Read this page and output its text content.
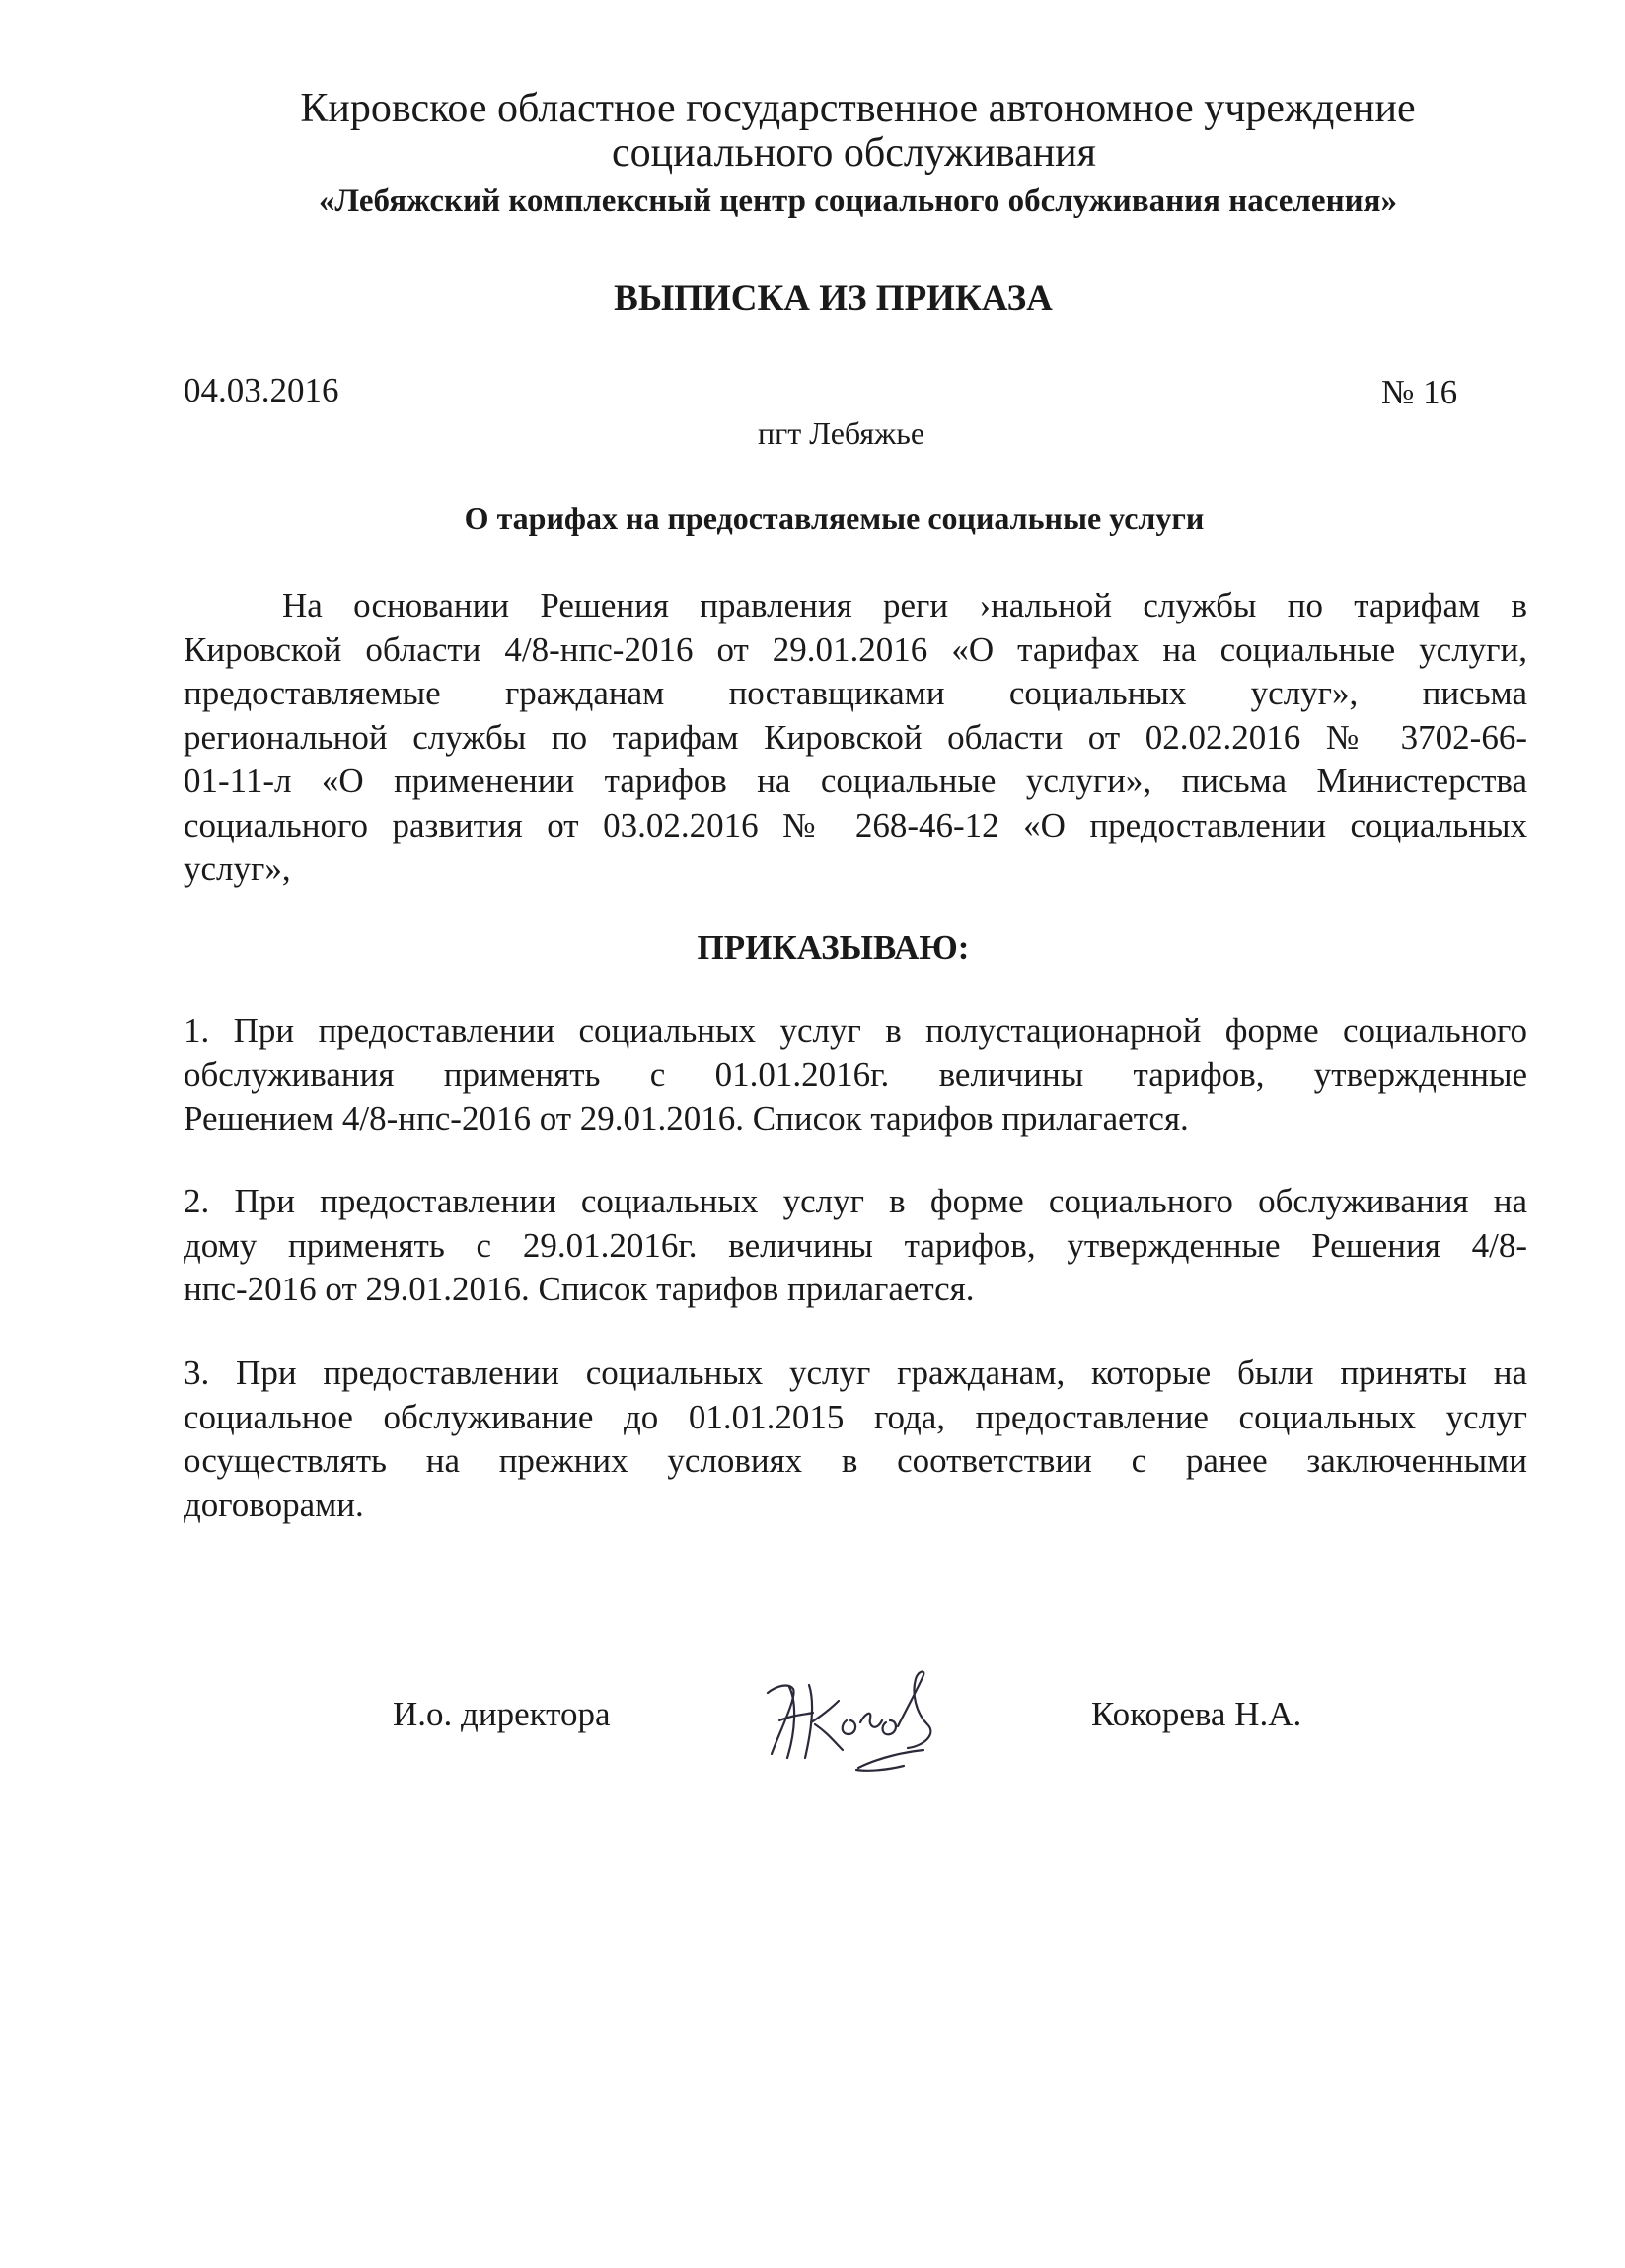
Кировское областное государственное автономное учреждение
социального обслуживания
«Лебяжский комплексный центр социального обслуживания населения»
ВЫПИСКА ИЗ ПРИКАЗА
04.03.2016	№ 16
пгт Лебяжье
О тарифах на предоставляемые социальные услуги
На основании Решения правления реги ›нальной службы по тарифам в
Кировской области 4/8-нпс-2016 от 29.01.2016 «О тарифах на социальные услуги,
предоставляемые гражданам поставщиками социальных услуг», письма
региональной службы по тарифам Кировской области от 02.02.2016 № 3702-66-
01-11-л «О применении тарифов на социальные услуги», письма Министерства
социального развития от 03.02.2016 № 268-46-12 «О предоставлении социальных
услуг»,
ПРИКАЗЫВАЮ:
1. При предоставлении социальных услуг в полустационарной форме социального
обслуживания применять с 01.01.2016г. величины тарифов, утвержденные
Решением 4/8-нпс-2016 от 29.01.2016. Список тарифов прилагается.
2. При предоставлении социальных услуг в форме социального обслуживания на
дому применять с 29.01.2016г. величины тарифов, утвержденные Решения 4/8-
нпс-2016 от 29.01.2016. Список тарифов прилагается.
3. При предоставлении социальных услуг гражданам, которые были приняты на
социальное обслуживание до 01.01.2015 года, предоставление социальных услуг
осуществлять на прежних условиях в соответствии с ранее заключенными
договорами.
И.о. директора	Кокорева Н.А.
